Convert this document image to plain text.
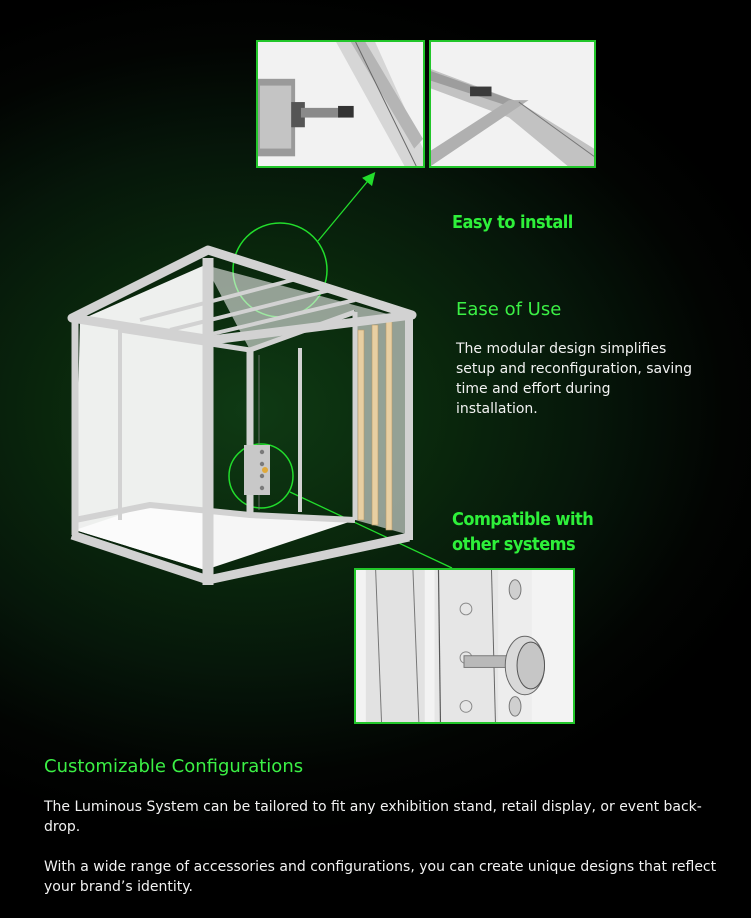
Easy to install
Compatible with
other systems
Ease of Use
The modular design simplifies setup and reconfiguration, saving time and effort during installation.
Customizable Configurations
The Luminous System can be tailored to fit any exhibition stand, retail display, or event back-drop.
With a wide range of accessories and configurations, you can create unique designs that reflect your brand’s identity.
